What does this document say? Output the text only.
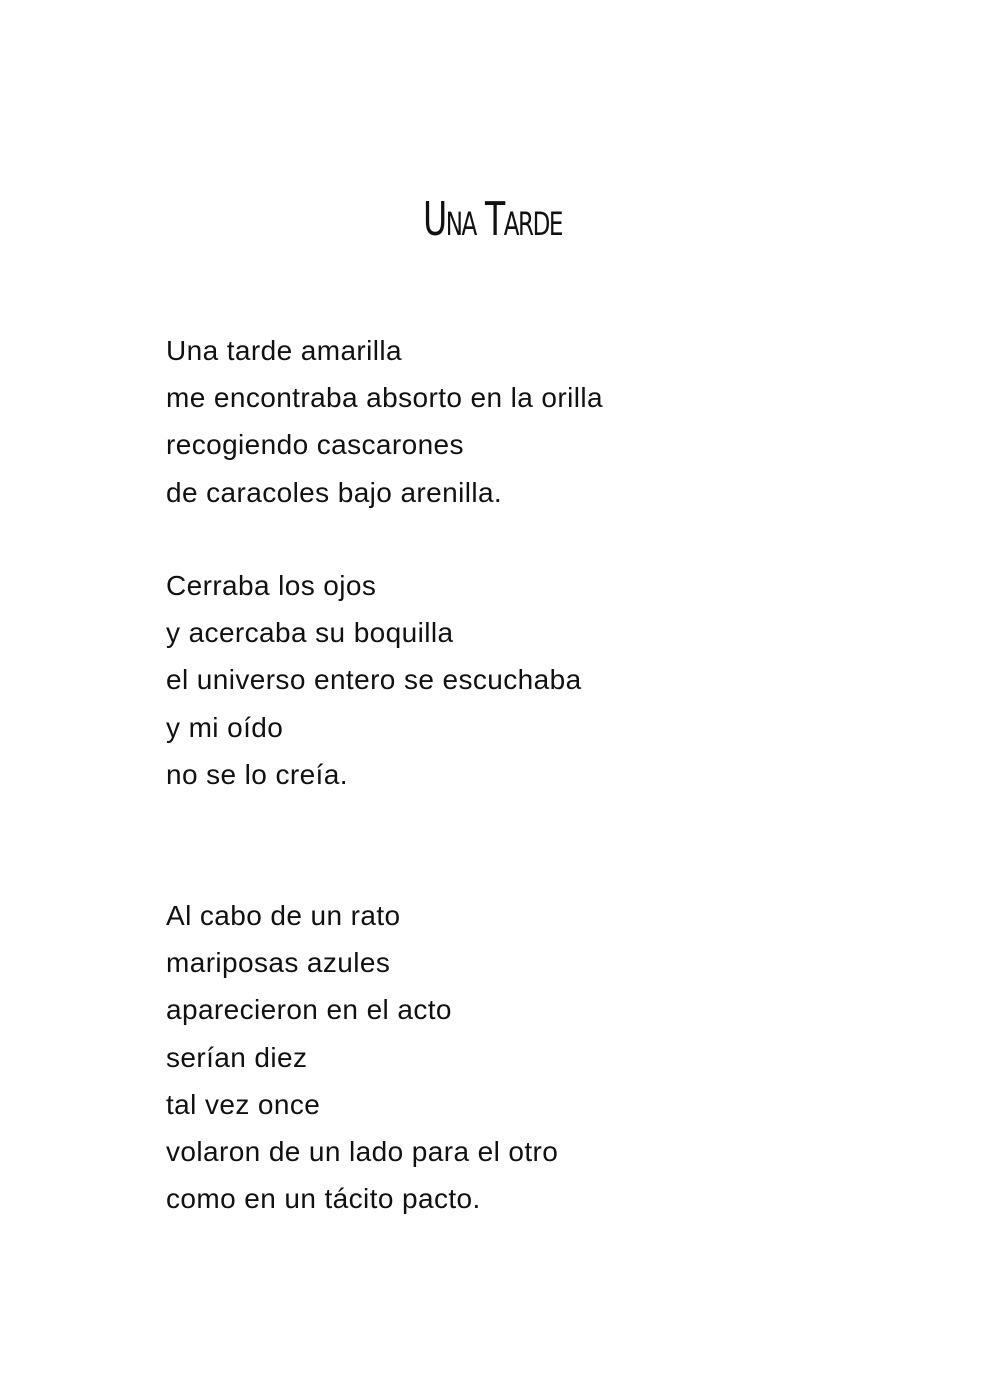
Una Tarde
Una tarde amarilla
me encontraba absorto en la orilla
recogiendo cascarones
de caracoles bajo arenilla.
Cerraba los ojos
y acercaba su boquilla
el universo entero se escuchaba
y mi oído
no se lo creía.
Al cabo de un rato
mariposas azules
aparecieron en el acto
serían diez
tal vez once
volaron de un lado para el otro
como en un tácito pacto.
